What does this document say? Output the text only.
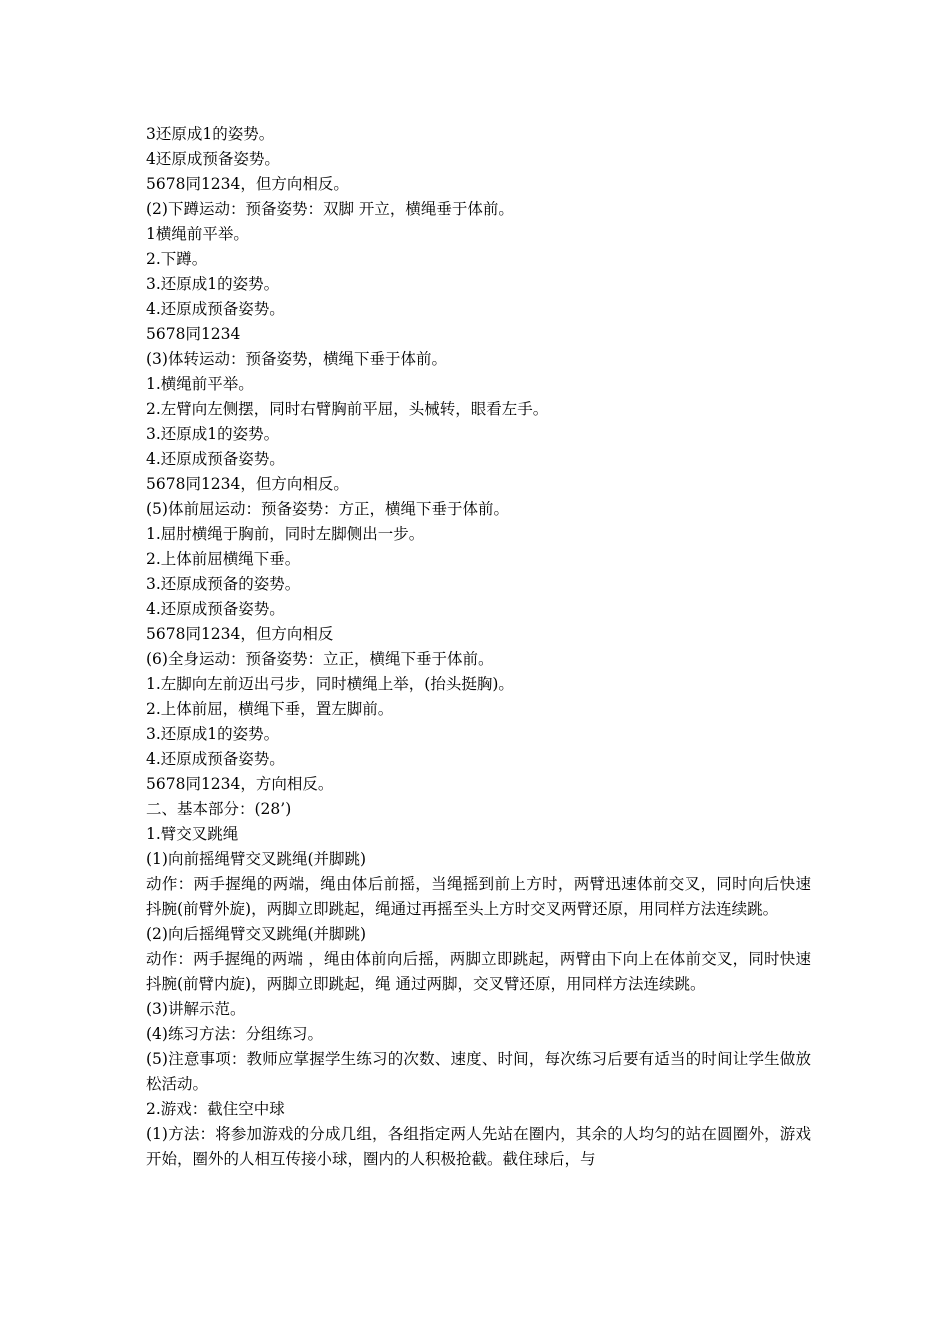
3还原成1的姿势。
4还原成预备姿势。
5678同1234，但方向相反。
(2)下蹲运动：预备姿势：双脚 开立，横绳垂于体前。
1横绳前平举。
2.下蹲。
3.还原成1的姿势。
4.还原成预备姿势。
5678同1234
(3)体转运动：预备姿势，横绳下垂于体前。
1.横绳前平举。
2.左臂向左侧摆，同时右臂胸前平屈，头械转，眼看左手。
3.还原成1的姿势。
4.还原成预备姿势。
5678同1234，但方向相反。
(5)体前屈运动：预备姿势：方正，横绳下垂于体前。
1.屈肘横绳于胸前，同时左脚侧出一步。
2.上体前屈横绳下垂。
3.还原成预备的姿势。
4.还原成预备姿势。
5678同1234，但方向相反
(6)全身运动：预备姿势：立正，横绳下垂于体前。
1.左脚向左前迈出弓步，同时横绳上举，(抬头挺胸)。
2.上体前屈，横绳下垂，置左脚前。
3.还原成1的姿势。
4.还原成预备姿势。
5678同1234，方向相反。
二、基本部分：(28’)
1.臂交叉跳绳
(1)向前摇绳臂交叉跳绳(并脚跳)
动作：两手握绳的两端，绳由体后前摇，当绳摇到前上方时，两臂迅速体前交叉，同时向后快速抖腕(前臂外旋)，两脚立即跳起，绳通过再摇至头上方时交叉两臂还原，用同样方法连续跳。
(2)向后摇绳臂交叉跳绳(并脚跳)
动作：两手握绳的两端 ，绳由体前向后摇，两脚立即跳起，两臂由下向上在体前交叉，同时快速抖腕(前臂内旋)，两脚立即跳起，绳 通过两脚，交叉臂还原，用同样方法连续跳。
(3)讲解示范。
(4)练习方法：分组练习。
(5)注意事项：教师应掌握学生练习的次数、速度、时间，每次练习后要有适当的时间让学生做放松活动。
2.游戏：截住空中球
(1)方法：将参加游戏的分成几组，各组指定两人先站在圈内，其余的人均匀的站在圆圈外，游戏开始，圈外的人相互传接小球，圈内的人积极抢截。截住球后，与
